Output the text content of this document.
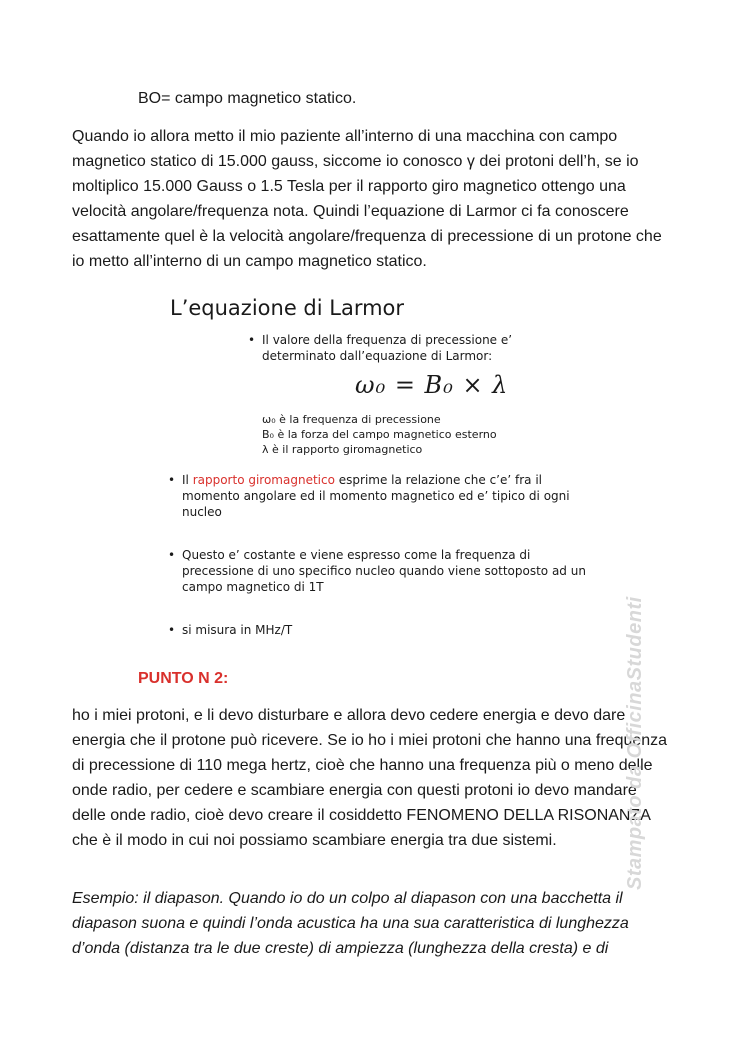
BO= campo magnetico statico.

Quando io allora metto il mio paziente all’interno di una macchina con campo magnetico statico di 15.000 gauss, siccome io conosco γ dei protoni dell’h, se io moltiplico 15.000 Gauss o 1.5 Tesla per il rapporto giro magnetico ottengo una velocità angolare/frequenza nota. Quindi l’equazione di Larmor ci fa conoscere esattamente quel è la velocità angolare/frequenza di precessione di un protone che io metto all’interno di un campo magnetico statico.

L’equazione di Larmor
• Il valore della frequenza di precessione e’ determinato dall’equazione di Larmor:
ω₀ = B₀ × λ
ω₀ è la frequenza di precessione
B₀ è la forza del campo magnetico esterno
λ è il rapporto giromagnetico
• Il rapporto giromagnetico esprime la relazione che c’e’ fra il momento angolare ed il momento magnetico ed e’ tipico di ogni nucleo
• Questo e’ costante e viene espresso come la frequenza di precessione di uno specifico nucleo quando viene sottoposto ad un campo magnetico di 1T
• si misura in MHz/T
PUNTO N 2:

ho i miei protoni, e li devo disturbare e allora devo cedere energia e devo dare energia che il protone può ricevere. Se io ho i miei protoni che hanno una frequenza di precessione di 110 mega hertz, cioè che hanno una frequenza più o meno delle onde radio, per cedere e scambiare energia con questi protoni io devo mandare delle onde radio, cioè devo creare il cosiddetto FENOMENO DELLA RISONANZA che è il modo in cui noi possiamo scambiare energia tra due sistemi.

Esempio: il diapason. Quando io do un colpo al diapason con una bacchetta il diapason suona e quindi l’onda acustica ha una sua caratteristica di lunghezza d’onda (distanza tra le due creste) di ampiezza (lunghezza della cresta) e di

Stampato da OfficinaStudenti
